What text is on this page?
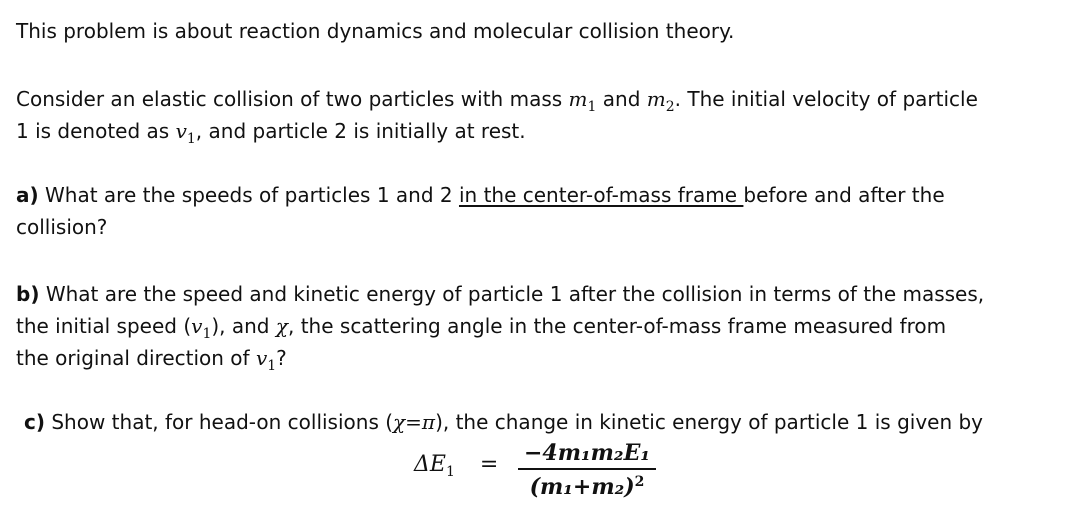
This problem is about reaction dynamics and molecular collision theory.
Consider an elastic collision of two particles with mass $m_1$ and $m_2$. The initial velocity of particle
1 is denoted as $v_1$, and particle 2 is initially at rest.
a) What are the speeds of particles 1 and 2 in the center-of-mass frame before and after the
collision?
b) What are the speed and kinetic energy of particle 1 after the collision in terms of the masses,
the initial speed $(v_1)$, and χ, the scattering angle in the center-of-mass frame measured from
the original direction of $v_1$?
c) Show that, for head-on collisions (χ=π), the change in kinetic energy of particle 1 is given by
$\Delta E_1 = -4m_1m_2E_1$
$(m_1+m_2)^2$
